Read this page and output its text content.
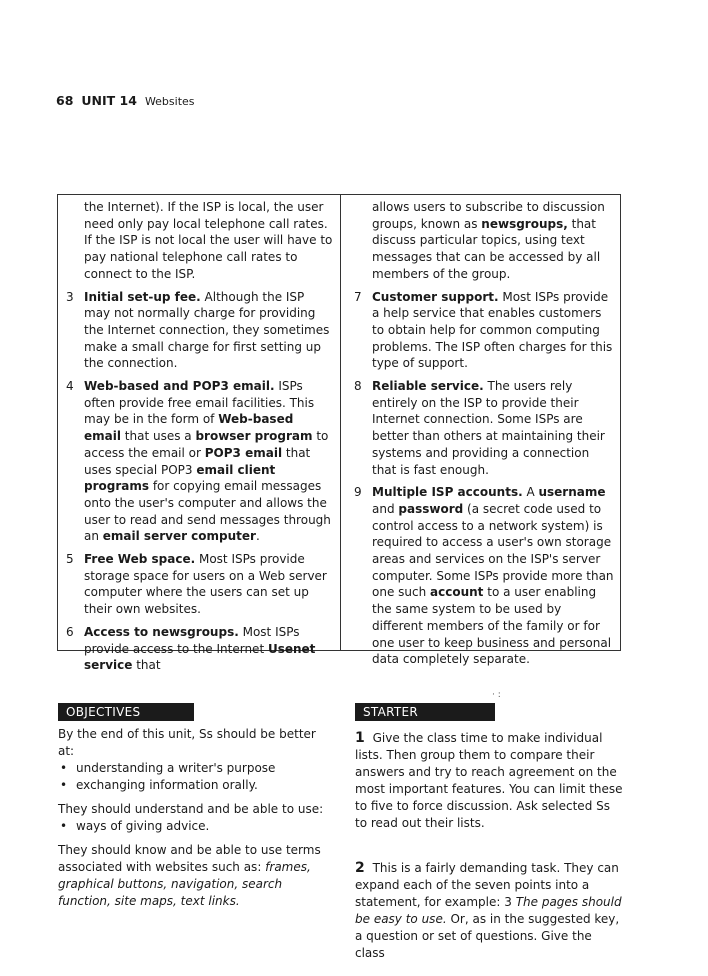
68 UNIT 14 Websites
the Internet). If the ISP is local, the user need only pay local telephone call rates. If the ISP is not local the user will have to pay national telephone call rates to connect to the ISP.
3 Initial set-up fee. Although the ISP may not normally charge for providing the Internet connection, they sometimes make a small charge for first setting up the connection.
4 Web-based and POP3 email. ISPs often provide free email facilities. This may be in the form of Web-based email that uses a browser program to access the email or POP3 email that uses special POP3 email client programs for copying email messages onto the user's computer and allows the user to read and send messages through an email server computer.
5 Free Web space. Most ISPs provide storage space for users on a Web server computer where the users can set up their own websites.
6 Access to newsgroups. Most ISPs provide access to the Internet Usenet service that
allows users to subscribe to discussion groups, known as newsgroups, that discuss particular topics, using text messages that can be accessed by all members of the group.
7 Customer support. Most ISPs provide a help service that enables customers to obtain help for common computing problems. The ISP often charges for this type of support.
8 Reliable service. The users rely entirely on the ISP to provide their Internet connection. Some ISPs are better than others at maintaining their systems and providing a connection that is fast enough.
9 Multiple ISP accounts. A username and password (a secret code used to control access to a network system) is required to access a user's own storage areas and services on the ISP's server computer. Some ISPs provide more than one such account to a user enabling the same system to be used by different members of the family or for one user to keep business and personal data completely separate.
OBJECTIVES	STARTER
· :

By the end of this unit, Ss should be better at:

• understanding a writer's purpose
• exchanging information orally.

They should understand and be able to use:

• ways of giving advice.

They should know and be able to use terms associated with websites such as: frames, graphical buttons, navigation, search function, site maps, text links.

1 Give the class time to make individual lists. Then group them to compare their answers and try to reach agreement on the most important features. You can limit these to five to force discussion. Ask selected Ss to read out their lists.

2 This is a fairly demanding task. They can expand each of the seven points into a statement, for example: 3 The pages should be easy to use. Or, as in the suggested key, a question or set of questions. Give the class
